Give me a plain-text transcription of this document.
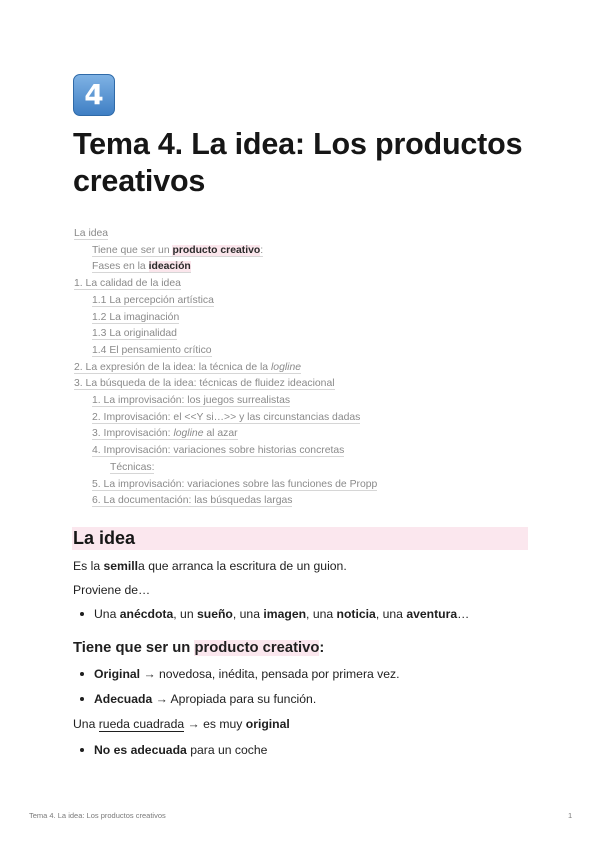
4
Tema 4. La idea: Los productos creativos
La idea
Tiene que ser un producto creativo:
Fases en la ideación
1. La calidad de la idea
1.1 La percepción artística
1.2 La imaginación
1.3 La originalidad
1.4 El pensamiento crítico
2. La expresión de la idea: la técnica de la logline
3. La búsqueda de la idea: técnicas de fluidez ideacional
1. La improvisación: los juegos surrealistas
2. Improvisación: el <<Y si…>> y las circunstancias dadas
3. Improvisación: logline al azar
4. Improvisación: variaciones sobre historias concretas
Técnicas:
5. La improvisación: variaciones sobre las funciones de Propp
6. La documentación: las búsquedas largas
La idea
Es la semilla que arranca la escritura de un guion.
Proviene de…
Una anécdota, un sueño, una imagen, una noticia, una aventura…
Tiene que ser un producto creativo:
Original → novedosa, inédita, pensada por primera vez.
Adecuada → Apropiada para su función.
Una rueda cuadrada → es muy original
No es adecuada para un coche
Tema 4. La idea: Los productos creativos	1
